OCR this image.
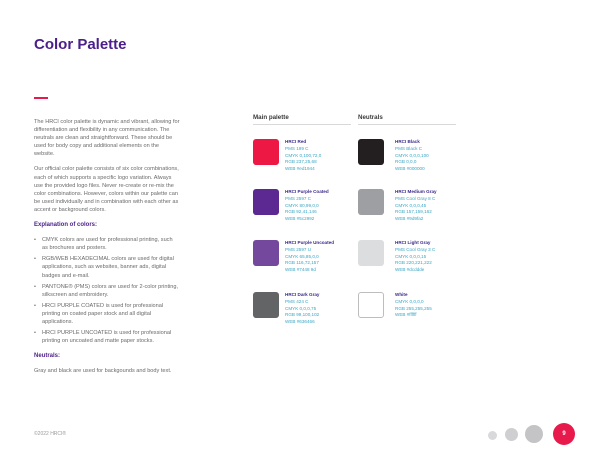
Color Palette

The HRCI color palette is dynamic and vibrant, allowing for differentiation and flexibility in any communication. The neutrals are clean and straightforward. These should be used for body copy and additional elements on the website.

Our official color palette consists of six color combinations, each of which supports a specific logo variation. Always use the provided logo files. Never re-create or re-mix the color combinations. However, colors within our palette can be used individually and in combination with each other as accent or background colors.

Explanation of colors:

• CMYK colors are used for professional printing, such as brochures and posters.
• RGB/WEB HEXADECIMAL colors are used for digital applications, such as websites, banner ads, digital badges and e-mail.
• PANTONE® (PMS) colors are used for 2-color printing, silkscreen and embroidery.
• HRCI PURPLE COATED is used for professional printing on coated paper stock and all digital applications.
• HRCI PURPLE UNCOATED is used for professional printing on uncoated and matte paper stocks.

Neutrals:

Gray and black are used for backgounds and body text.

Main palette	Neutrals
HRCI Red
PMS 199 C
CMYK 0,100,72,0
RGB 237,25,68
WEB #ed1944
HRCI Purple Coated
PMS 2597 C
CMYK 80,99,0,0
RGB 92,41,146
WEB #5c2992
HRCI Purple Uncoated
PMS 2597 U
CMYK 65,85,0,0
RGB 116,72,157
WEB #7448 9d
HRCI Dark Gray
PMS 424 C
CMYK 0,0,0,75
RGB 99,100,102
WEB #636466
HRCI Black
PMS Black C
CMYK 0,0,0,100
RGB 0,0,0
WEB #000000
HRCI Medium Gray
PMS Cool Gray 8 C
CMYK 0,0,0,45
RGB 157,159,162
WEB #9d9fa2
HRCI Light Gray
PMS Cool Gray 3 C
CMYK 0,0,0,15
RGB 220,221,222
WEB #dcddde
White
CMYK 0,0,0,0
RGB 255,255,255
WEB #ffffff
©2022 HRCI®	9
